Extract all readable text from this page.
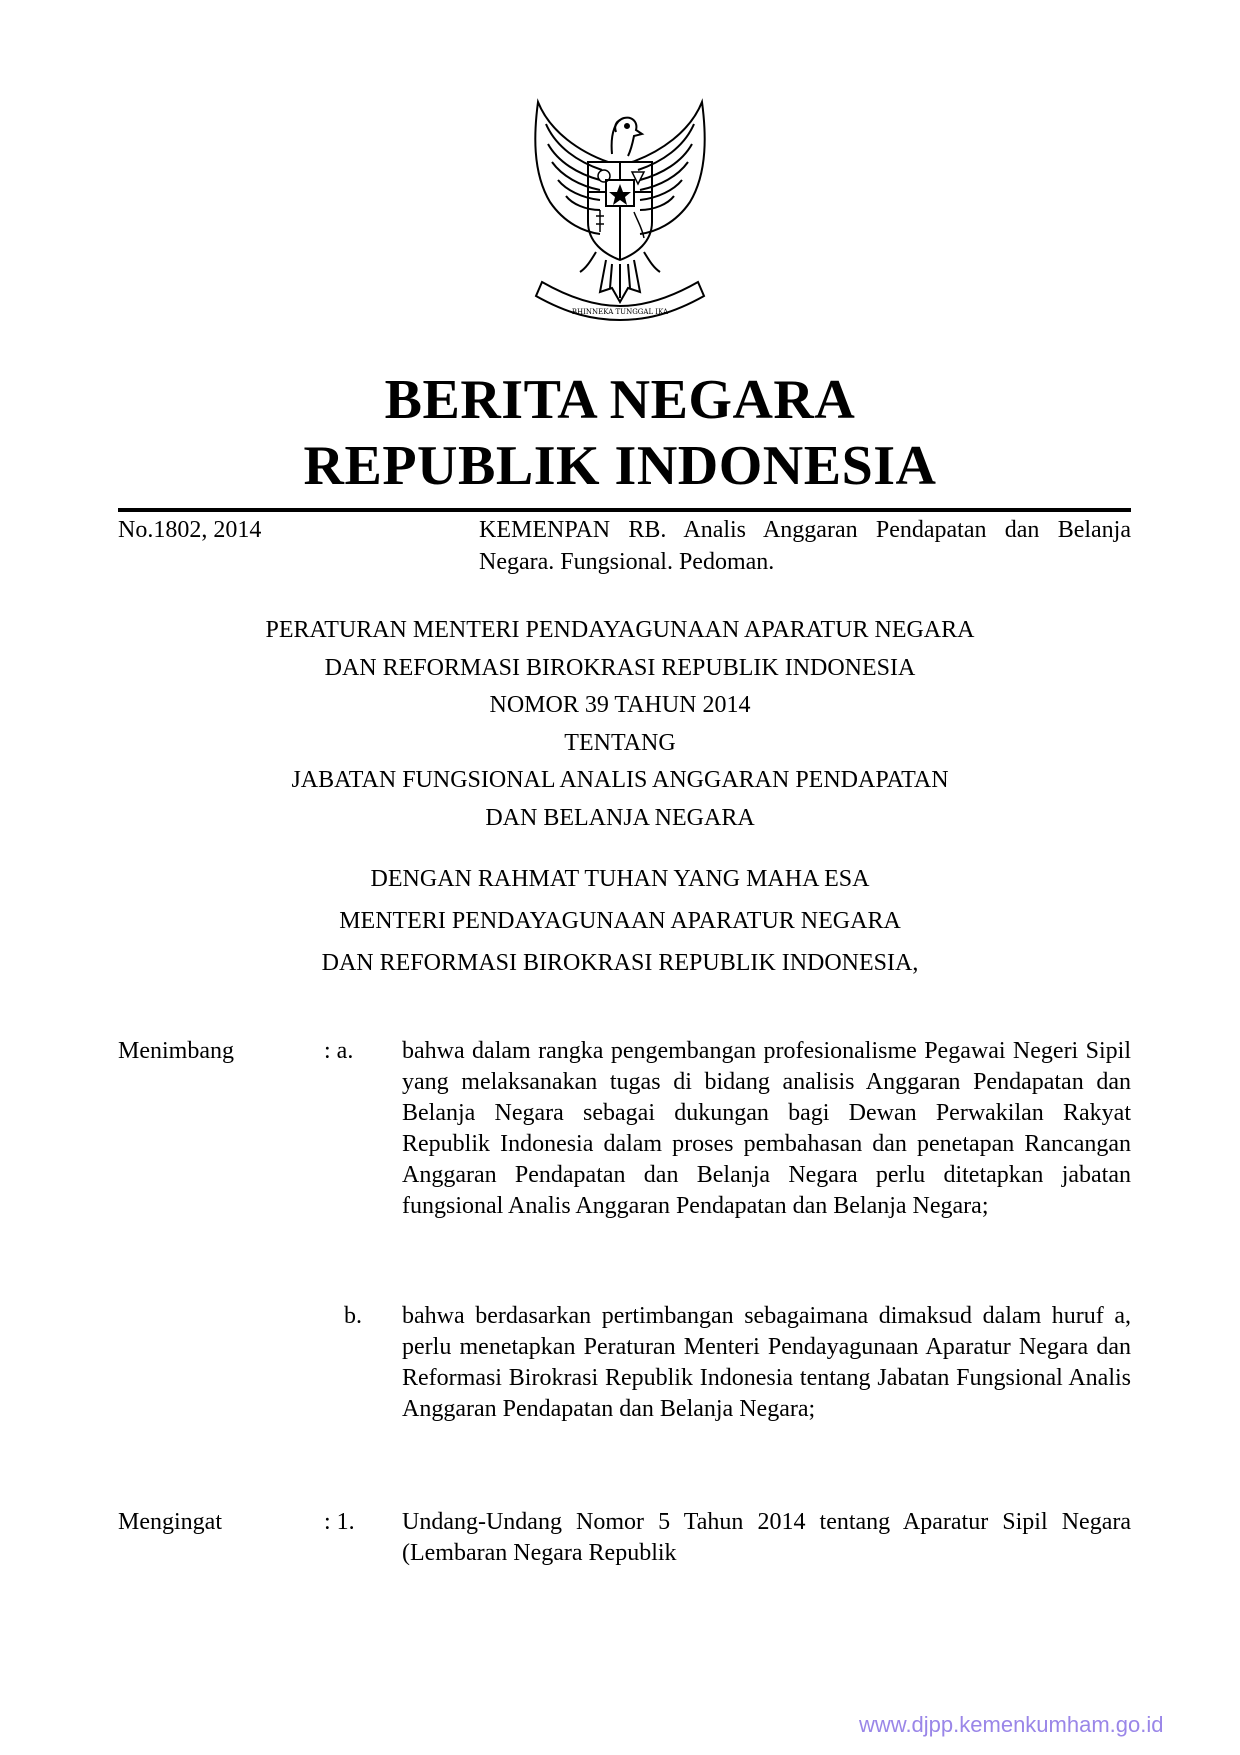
BHINNEKA TUNGGAL IKA
BERITA NEGARA
REPUBLIK INDONESIA
No.1802, 2014	KEMENPAN RB. Analis Anggaran Pendapatan dan Belanja Negara. Fungsional. Pedoman.
PERATURAN MENTERI PENDAYAGUNAAN APARATUR NEGARA
DAN REFORMASI BIROKRASI REPUBLIK INDONESIA
NOMOR 39 TAHUN 2014
TENTANG
JABATAN FUNGSIONAL ANALIS ANGGARAN PENDAPATAN
DAN BELANJA NEGARA
DENGAN RAHMAT TUHAN YANG MAHA ESA
MENTERI PENDAYAGUNAAN APARATUR NEGARA
DAN REFORMASI BIROKRASI REPUBLIK INDONESIA,
Menimbang	: a. bahwa dalam rangka pengembangan profesionalisme Pegawai Negeri Sipil yang melaksanakan tugas di bidang analisis Anggaran Pendapatan dan Belanja Negara sebagai dukungan bagi Dewan Perwakilan Rakyat Republik Indonesia dalam proses pembahasan dan penetapan Rancangan Anggaran Pendapatan dan Belanja Negara perlu ditetapkan jabatan fungsional Analis Anggaran Pendapatan dan Belanja Negara;
b. bahwa berdasarkan pertimbangan sebagaimana dimaksud dalam huruf a, perlu menetapkan Peraturan Menteri Pendayagunaan Aparatur Negara dan Reformasi Birokrasi Republik Indonesia tentang Jabatan Fungsional Analis Anggaran Pendapatan dan Belanja Negara;
Mengingat	: 1. Undang-Undang Nomor 5 Tahun 2014 tentang Aparatur Sipil Negara (Lembaran Negara Republik
www.djpp.kemenkumham.go.id
